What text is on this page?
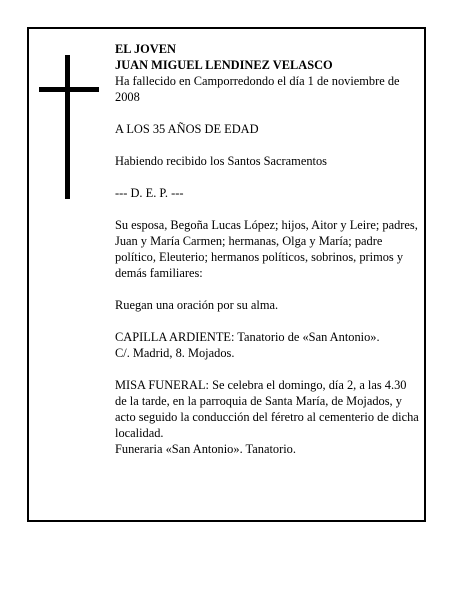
EL JOVEN

JUAN MIGUEL LENDINEZ VELASCO

Ha fallecido en Camporredondo el día 1 de noviembre de 2008

A LOS 35 AÑOS DE EDAD

Habiendo recibido los Santos Sacramentos

--- D. E. P. ---

Su esposa, Begoña Lucas López; hijos, Aitor y Leire; padres, Juan y María Carmen; hermanas, Olga y María; padre político, Eleuterio; hermanos políticos, sobrinos, primos y demás familiares:

Ruegan una oración por su alma.

CAPILLA ARDIENTE: Tanatorio de «San Antonio».

C/. Madrid, 8. Mojados.

MISA FUNERAL: Se celebra el domingo, día 2, a las 4.30 de la tarde, en la parroquia de Santa María, de Mojados, y acto seguido la conducción del féretro al cementerio de dicha localidad.

Funeraria «San Antonio». Tanatorio.
